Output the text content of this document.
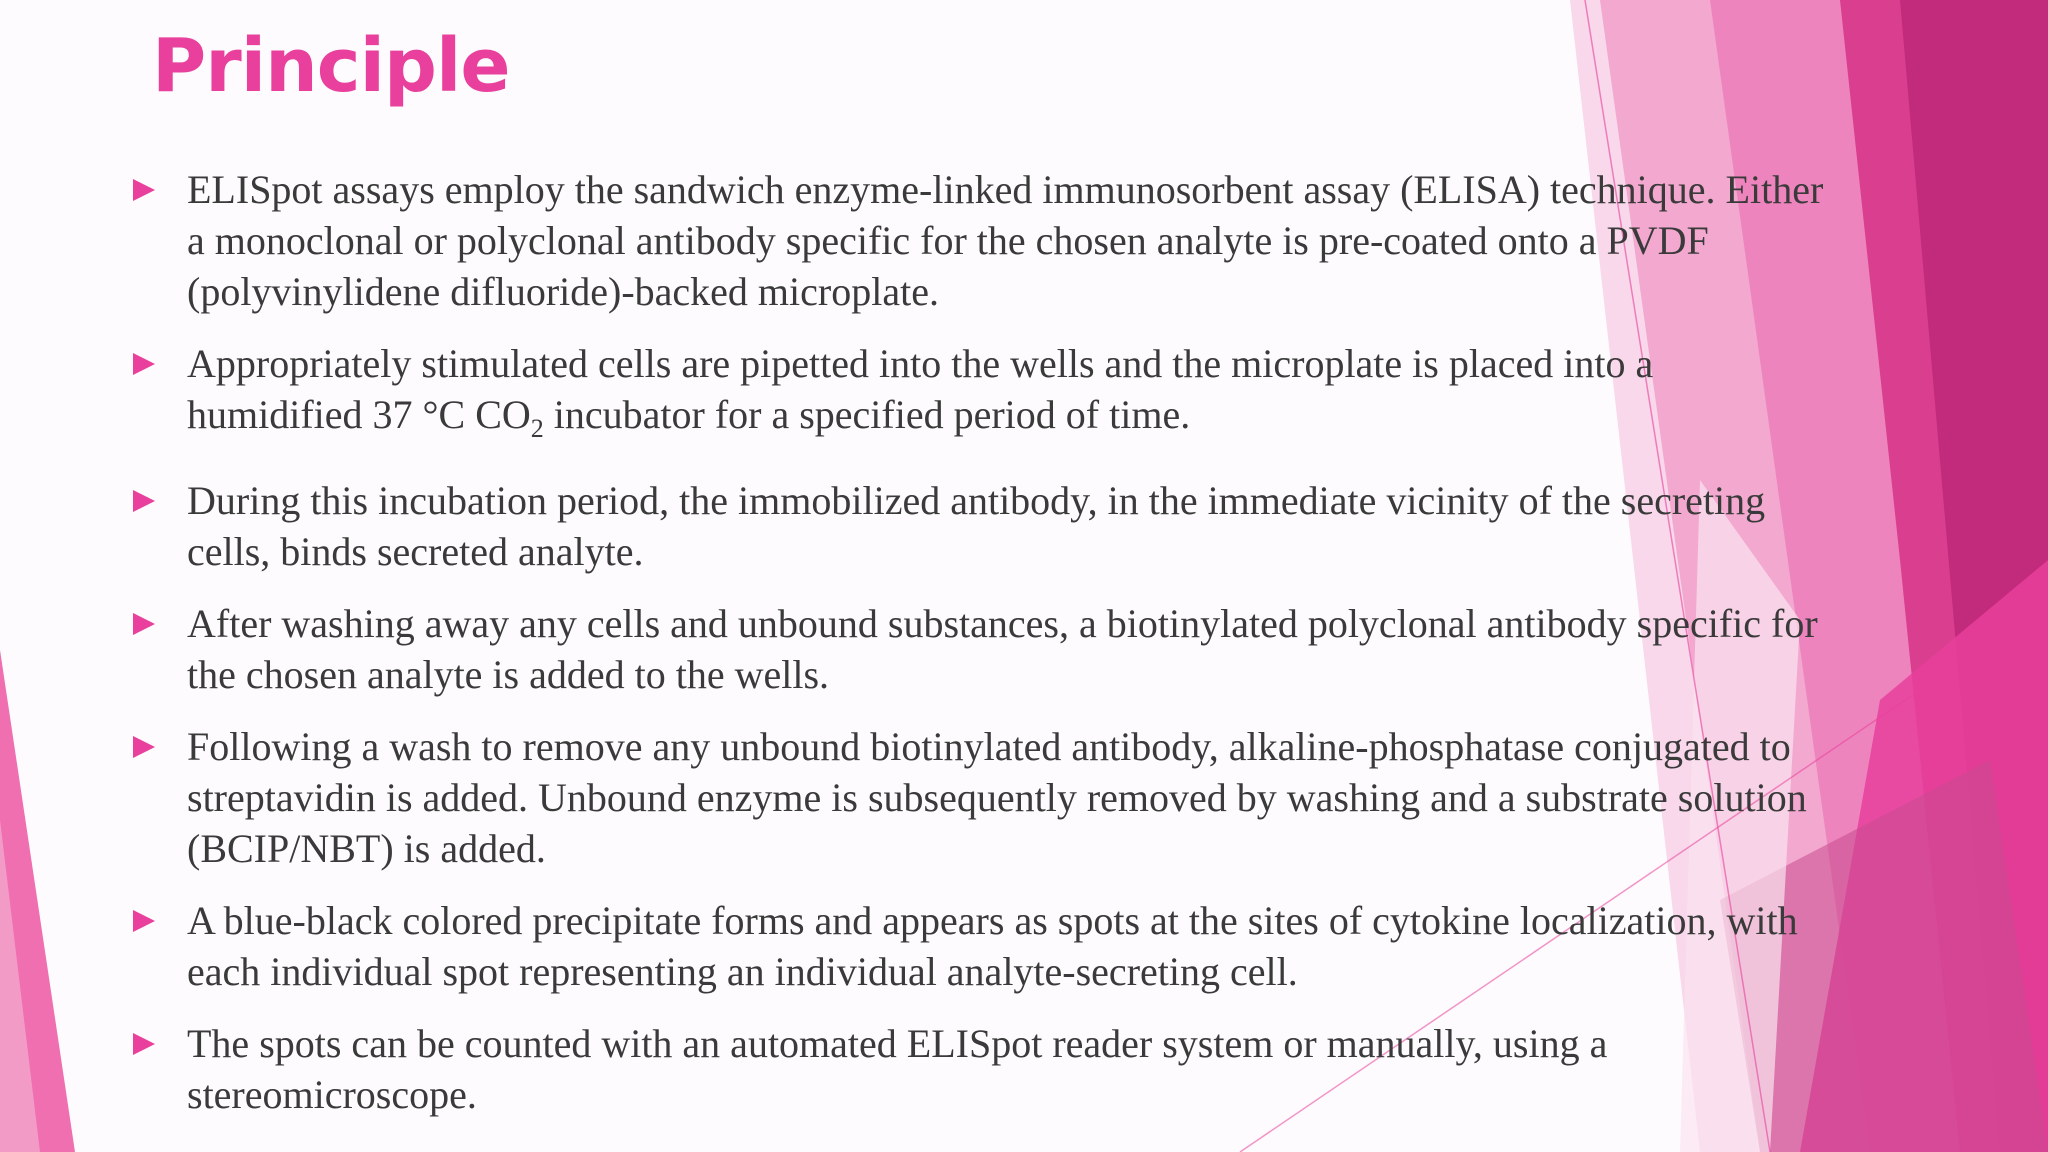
Principle
ELISpot assays employ the sandwich enzyme-linked immunosorbent assay (ELISA) technique. Either a monoclonal or polyclonal antibody specific for the chosen analyte is pre-coated onto a PVDF (polyvinylidene difluoride)-backed microplate.
Appropriately stimulated cells are pipetted into the wells and the microplate is placed into a humidified 37 °C $CO_2$ incubator for a specified period of time.
During this incubation period, the immobilized antibody, in the immediate vicinity of the secreting cells, binds secreted analyte.
After washing away any cells and unbound substances, a biotinylated polyclonal antibody specific for the chosen analyte is added to the wells.
Following a wash to remove any unbound biotinylated antibody, alkaline-phosphatase conjugated to streptavidin is added. Unbound enzyme is subsequently removed by washing and a substrate solution (BCIP/NBT) is added.
A blue-black colored precipitate forms and appears as spots at the sites of cytokine localization, with each individual spot representing an individual analyte-secreting cell.
The spots can be counted with an automated ELISpot reader system or manually, using a stereomicroscope.
